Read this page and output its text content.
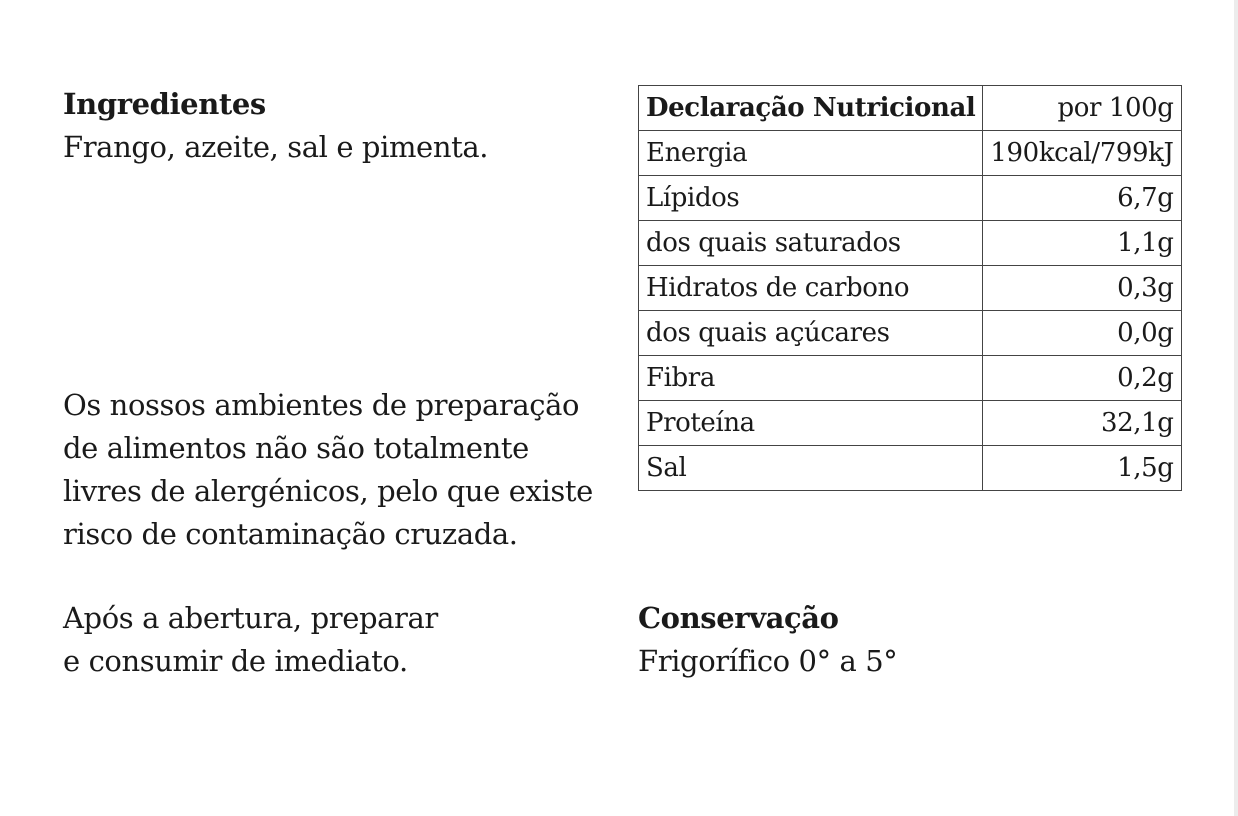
Ingredientes
Frango, azeite, sal e pimenta.
Os nossos ambientes de preparação
de alimentos não são totalmente
livres de alergénicos, pelo que existe
risco de contaminação cruzada.
Após a abertura, preparar
e consumir de imediato.
Declaração Nutricional	por 100g
Energia	190kcal/799kJ
Lípidos	6,7g
dos quais saturados	1,1g
Hidratos de carbono	0,3g
dos quais açúcares	0,0g
Fibra	0,2g
Proteína	32,1g
Sal	1,5g
Conservação
Frigorífico 0° a 5°
